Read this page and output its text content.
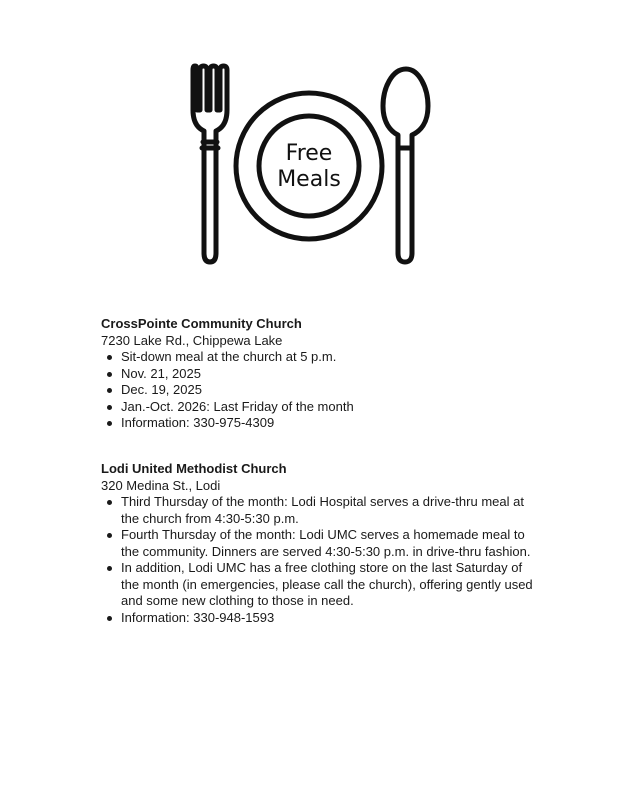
Free
Meals
CrossPointe Community Church
7230 Lake Rd., Chippewa Lake
Sit-down meal at the church at 5 p.m.
Nov. 21, 2025
Dec. 19, 2025
Jan.-Oct. 2026: Last Friday of the month
Information: 330-975-4309
Lodi United Methodist Church
320 Medina St., Lodi
Third Thursday of the month: Lodi Hospital serves a drive-thru meal at the church from 4:30-5:30 p.m.
Fourth Thursday of the month: Lodi UMC serves a homemade meal to the community. Dinners are served 4:30-5:30 p.m. in drive-thru fashion.
In addition, Lodi UMC has a free clothing store on the last Saturday of the month (in emergencies, please call the church), offering gently used and some new clothing to those in need.
Information: 330-948-1593
